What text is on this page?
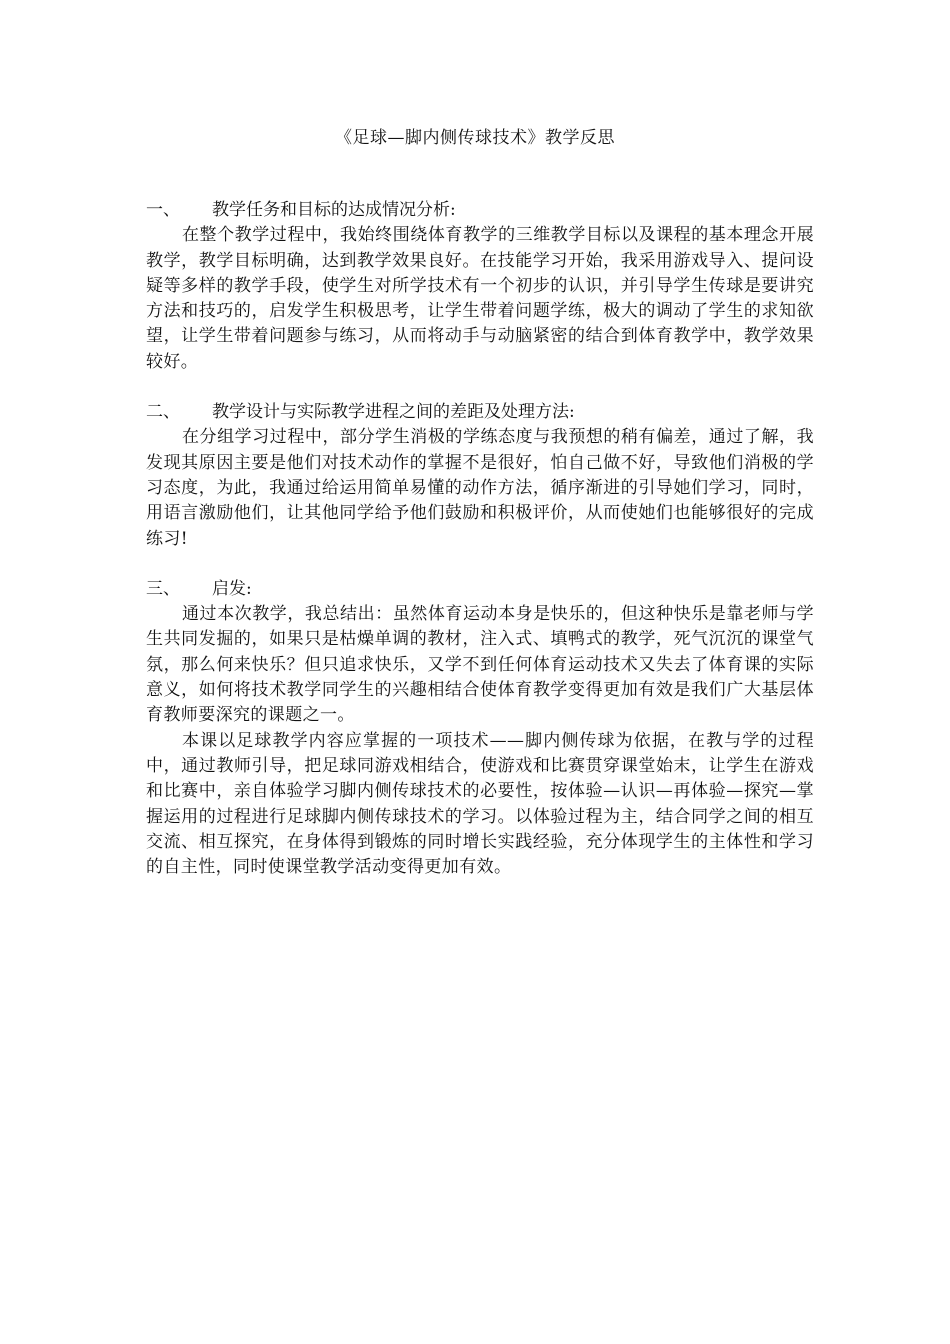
《足球—脚内侧传球技术》教学反思
一、	教学任务和目标的达成情况分析:

在整个教学过程中，我始终围绕体育教学的三维教学目标以及课程的基本理念开展教学，教学目标明确，达到教学效果良好。在技能学习开始，我采用游戏导入、提问设疑等多样的教学手段，使学生对所学技术有一个初步的认识，并引导学生传球是要讲究方法和技巧的，启发学生积极思考，让学生带着问题学练，极大的调动了学生的求知欲望，让学生带着问题参与练习，从而将动手与动脑紧密的结合到体育教学中，教学效果较好。

二、	教学设计与实际教学进程之间的差距及处理方法:

在分组学习过程中，部分学生消极的学练态度与我预想的稍有偏差，通过了解，我发现其原因主要是他们对技术动作的掌握不是很好，怕自己做不好，导致他们消极的学习态度，为此，我通过给运用简单易懂的动作方法，循序渐进的引导她们学习，同时，用语言激励他们，让其他同学给予他们鼓励和积极评价，从而使她们也能够很好的完成练习!

三、	启发:

通过本次教学，我总结出：虽然体育运动本身是快乐的，但这种快乐是靠老师与学生共同发掘的，如果只是枯燥单调的教材，注入式、填鸭式的教学，死气沉沉的课堂气氛，那么何来快乐？但只追求快乐，又学不到任何体育运动技术又失去了体育课的实际意义，如何将技术教学同学生的兴趣相结合使体育教学变得更加有效是我们广大基层体育教师要深究的课题之一。

本课以足球教学内容应掌握的一项技术——脚内侧传球为依据，在教与学的过程中，通过教师引导，把足球同游戏相结合，使游戏和比赛贯穿课堂始末，让学生在游戏和比赛中，亲自体验学习脚内侧传球技术的必要性，按体验—认识—再体验—探究—掌握运用的过程进行足球脚内侧传球技术的学习。以体验过程为主，结合同学之间的相互交流、相互探究，在身体得到锻炼的同时增长实践经验，充分体现学生的主体性和学习的自主性，同时使课堂教学活动变得更加有效。
